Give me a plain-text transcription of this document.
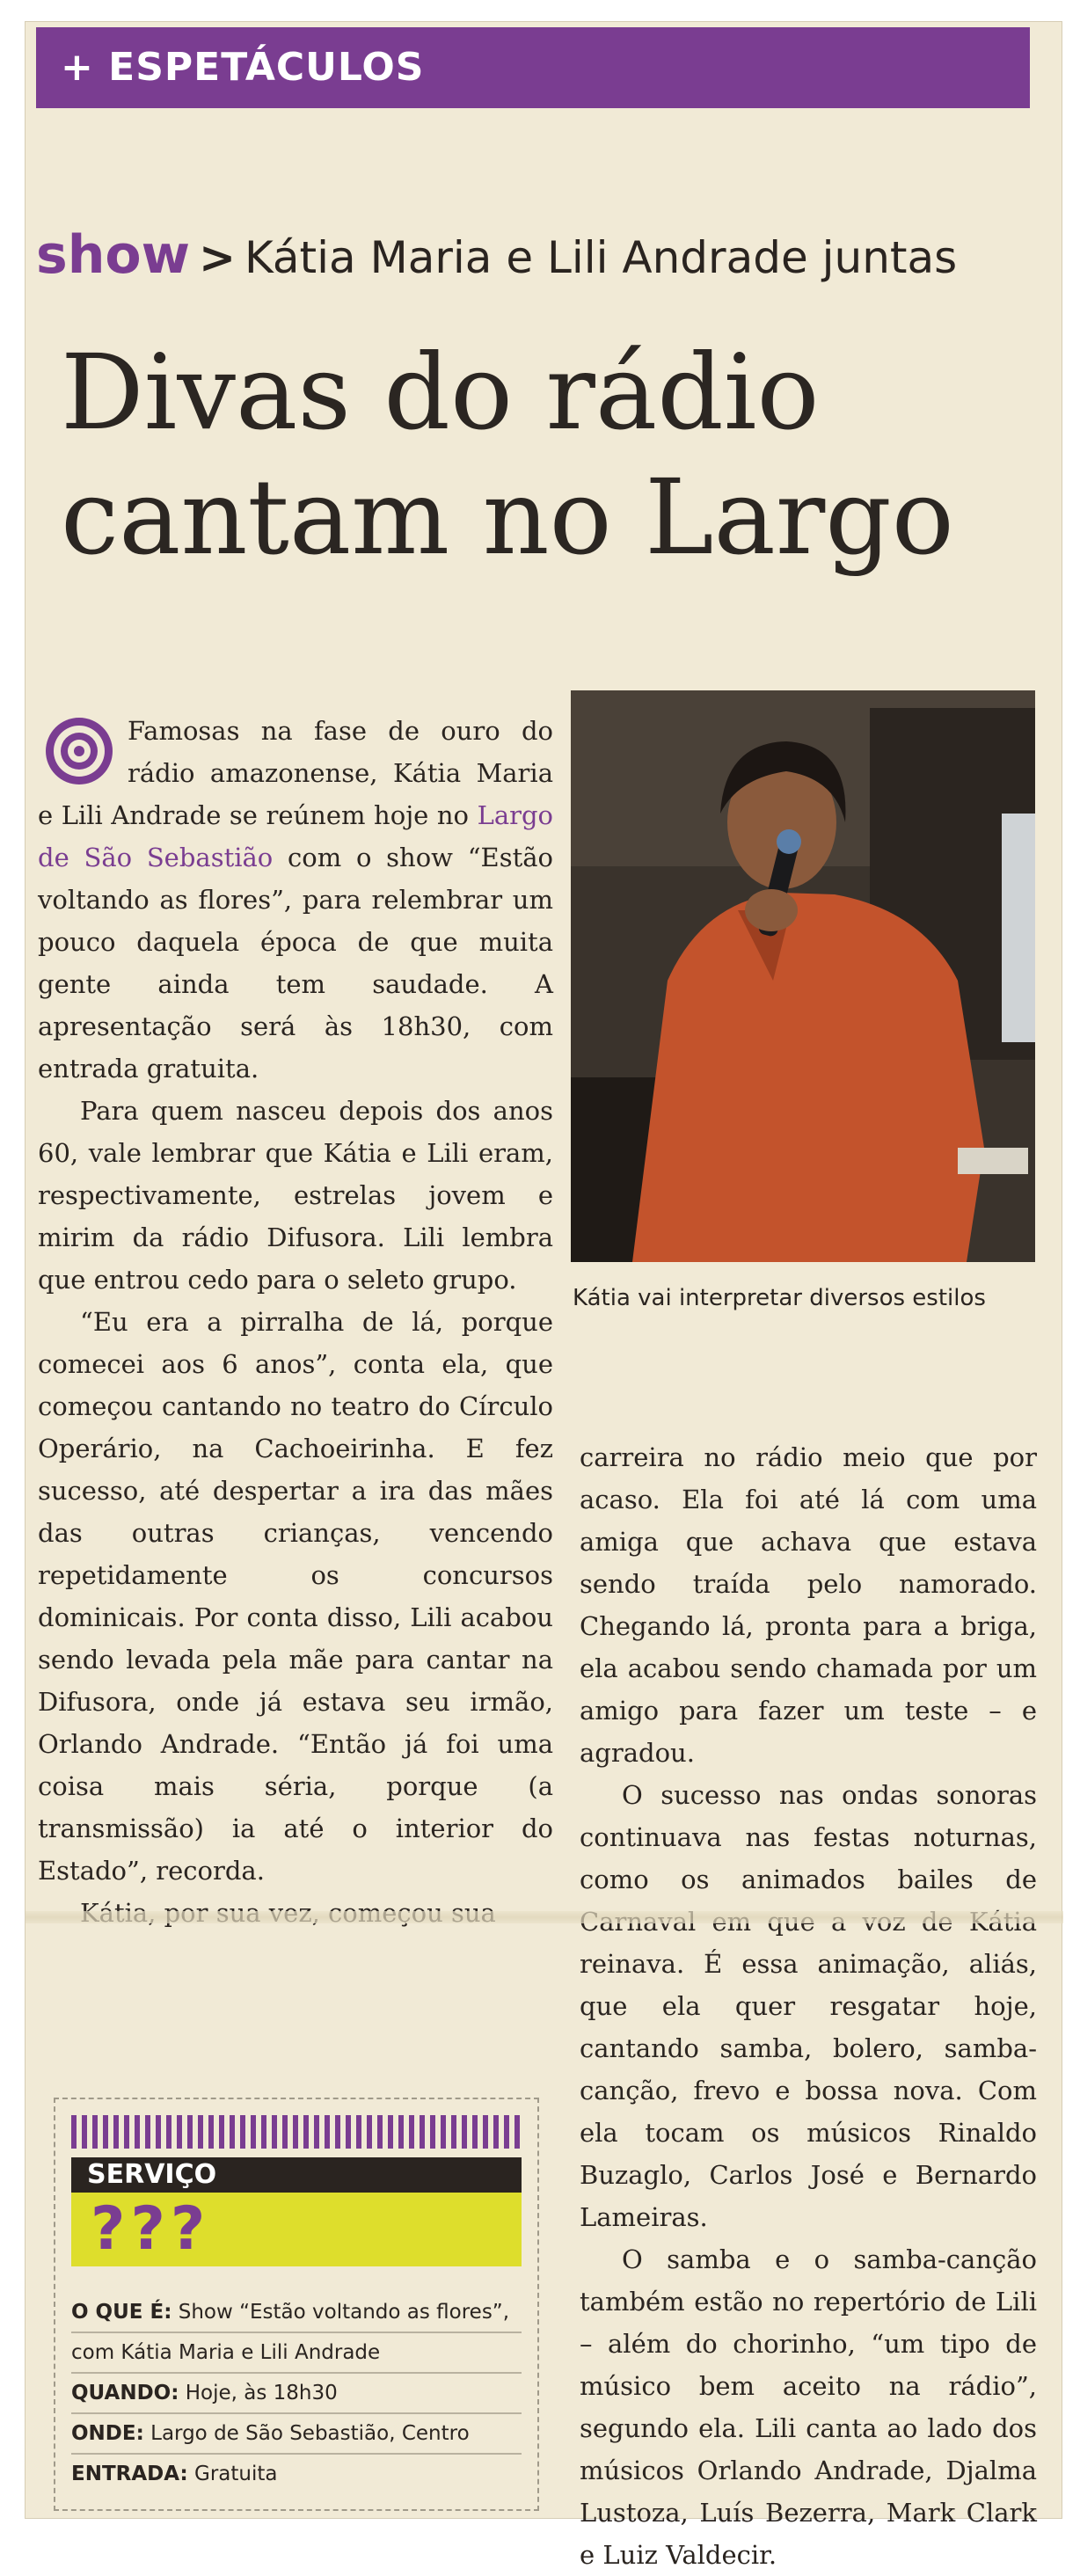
+ ESPETÁCULOS
show > Kátia Maria e Lili Andrade juntas
Divas do rádio
cantam no Largo

Famosas na fase de ouro do rádio amazonense, Kátia Maria e Lili Andrade se reúnem hoje no Largo de São Sebastião com o show “Estão voltando as flores”, para relembrar um pouco daquela época de que muita gente ainda tem saudade. A apresentação será às 18h30, com entrada gratuita.

Para quem nasceu depois dos anos 60, vale lembrar que Kátia e Lili eram, respectivamente, estrelas jovem e mirim da rádio Difusora. Lili lembra que entrou cedo para o seleto grupo.

“Eu era a pirralha de lá, porque comecei aos 6 anos”, conta ela, que começou cantando no teatro do Círculo Operário, na Cachoeirinha. E fez sucesso, até despertar a ira das mães das outras crianças, vencendo repetidamente os concursos dominicais. Por conta disso, Lili acabou sendo levada pela mãe para cantar na Difusora, onde já estava seu irmão, Orlando Andrade. “Então já foi uma coisa mais séria, porque (a transmissão) ia até o interior do Estado”, recorda.

Kátia vai interpretar diversos estilos

carreira no rádio meio que por acaso. Ela foi até lá com uma amiga que achava que estava sendo traída pelo namorado. Chegando lá, pronta para a briga, ela acabou sendo chamada por um amigo para fazer um teste – e agradou.

O sucesso nas ondas sonoras continuava nas festas noturnas, como os animados bailes de reinava. É essa animação, aliás, que ela quer resgatar hoje, cantando samba, bolero, samba-canção, frevo e bossa nova. Com ela tocam os músicos Rinaldo Buzaglo, Carlos José e Bernardo Lameiras.

O samba e o samba-canção também estão no repertório de Lili – além do chorinho, “um tipo de músico bem aceito na rádio”, segundo ela. Lili canta ao lado dos músicos Orlando Andrade, Djalma Lustoza, Luís Bezerra, Mark Clark e Luiz Valdecir.

SERVIÇO
???
O QUE É: Show “Estão voltando as flores”,
com Kátia Maria e Lili Andrade
QUANDO: Hoje, às 18h30
ONDE: Largo de São Sebastião, Centro
ENTRADA: Gratuita
